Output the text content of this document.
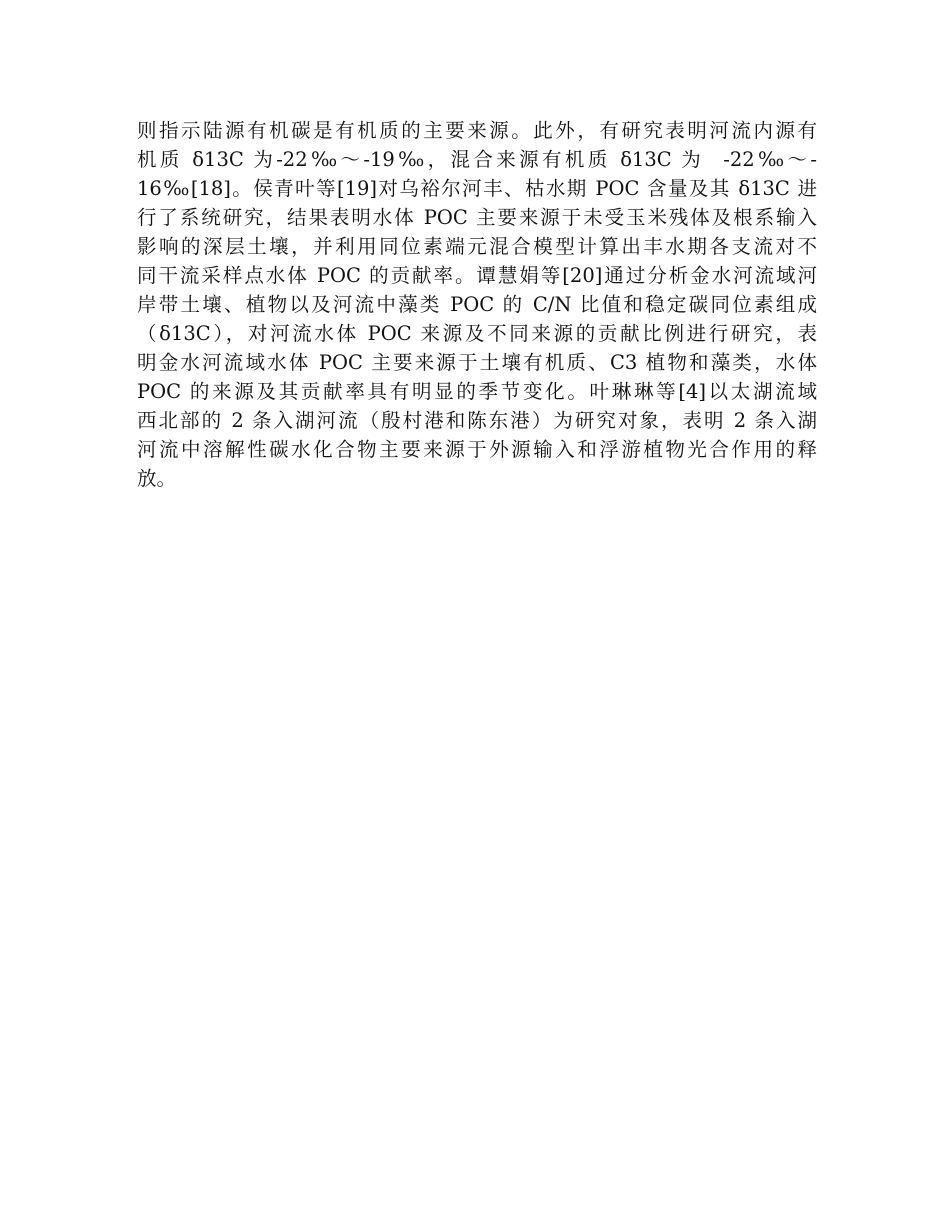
则指示陆源有机碳是有机质的主要来源。此外，有研究表明河流内源有
机质 δ13C 为-22‰～-19‰，混合来源有机质 δ13C 为  -22‰～-
16‰[18]。侯青叶等[19]对乌裕尔河丰、枯水期 POC 含量及其 δ13C 进
行了系统研究，结果表明水体 POC 主要来源于未受玉米残体及根系输入
影响的深层土壤，并利用同位素端元混合模型计算出丰水期各支流对不
同干流采样点水体 POC 的贡献率。谭慧娟等[20]通过分析金水河流域河
岸带土壤、植物以及河流中藻类 POC 的 C/N 比值和稳定碳同位素组成
（δ13C），对河流水体 POC 来源及不同来源的贡献比例进行研究，表
明金水河流域水体 POC 主要来源于土壤有机质、C3 植物和藻类，水体
POC 的来源及其贡献率具有明显的季节变化。叶琳琳等[4]以太湖流域
西北部的 2 条入湖河流（殷村港和陈东港）为研究对象，表明 2 条入湖
河流中溶解性碳水化合物主要来源于外源输入和浮游植物光合作用的释
放。
